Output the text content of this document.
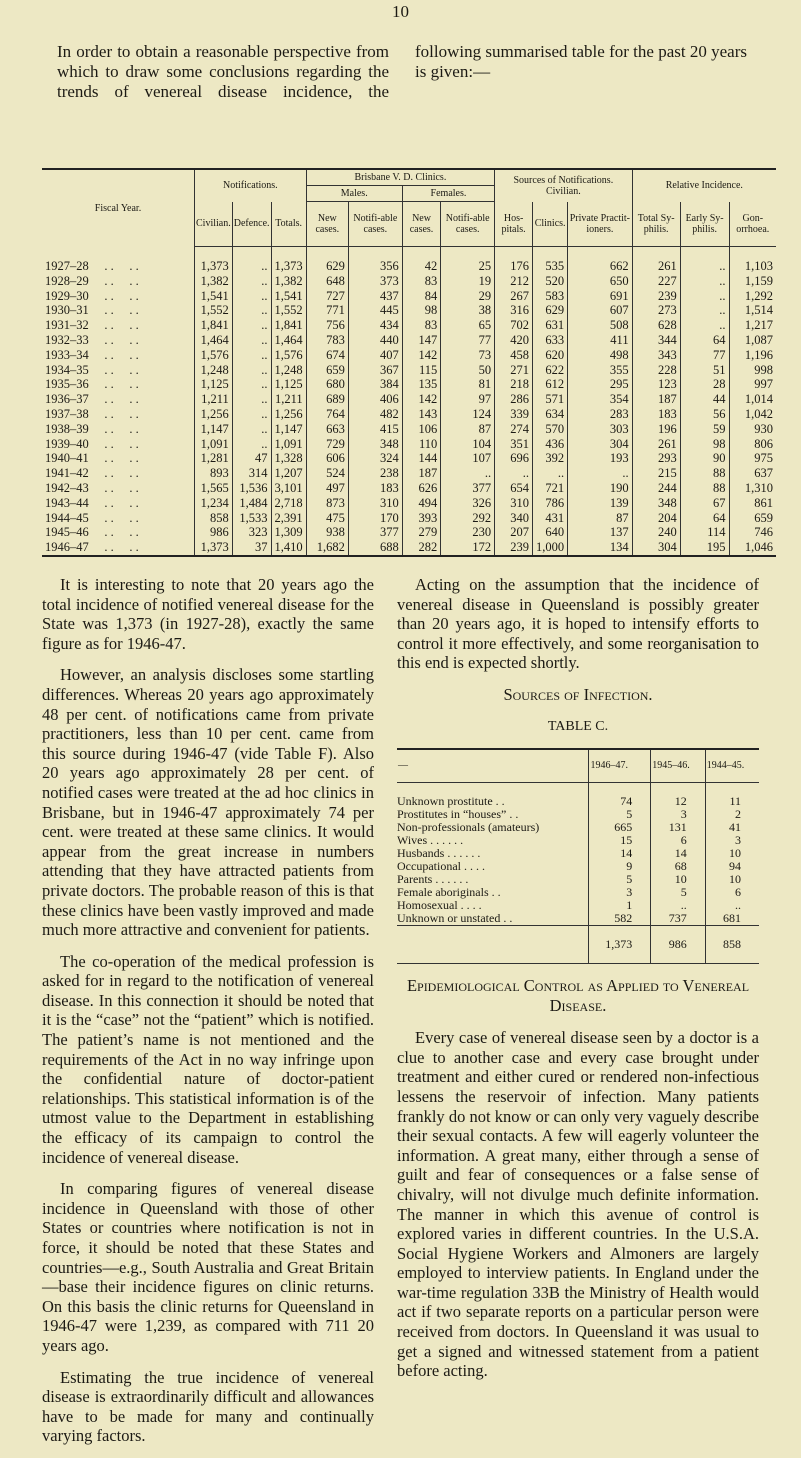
10
In order to obtain a reasonable perspective from which to draw some conclusions regarding the trends of venereal disease incidence, the following summarised table for the past 20 years is given:—
Fiscal Year.	Notifications.			Brisbane V. D. Clinics.				Sources of Notifications. Civilian.			Relative Incidence.		
				Males.		Females.							
	Civilian.	Defence.	Totals.	New cases.	Notifi-able cases.	New cases.	Notifi-able cases.	Hos-pitals.	Clinics.	Private Practit-ioners.	Total Sy-philis.	Early Sy-philis.	Gon-orrhoea.
1927–28  . .  . .	1,373	..	1,373	629	356	42	25	176	535	662	261	..	1,103
1928–29  . .  . .	1,382	..	1,382	648	373	83	19	212	520	650	227	..	1,159
1929–30  . .  . .	1,541	..	1,541	727	437	84	29	267	583	691	239	..	1,292
1930–31  . .  . .	1,552	..	1,552	771	445	98	38	316	629	607	273	..	1,514
1931–32  . .  . .	1,841	..	1,841	756	434	83	65	702	631	508	628	..	1,217
1932–33  . .  . .	1,464	..	1,464	783	440	147	77	420	633	411	344	64	1,087
1933–34  . .  . .	1,576	..	1,576	674	407	142	73	458	620	498	343	77	1,196
1934–35  . .  . .	1,248	..	1,248	659	367	115	50	271	622	355	228	51	998
1935–36  . .  . .	1,125	..	1,125	680	384	135	81	218	612	295	123	28	997
1936–37  . .  . .	1,211	..	1,211	689	406	142	97	286	571	354	187	44	1,014
1937–38  . .  . .	1,256	..	1,256	764	482	143	124	339	634	283	183	56	1,042
1938–39  . .  . .	1,147	..	1,147	663	415	106	87	274	570	303	196	59	930
1939–40  . .  . .	1,091	..	1,091	729	348	110	104	351	436	304	261	98	806
1940–41  . .  . .	1,281	47	1,328	606	324	144	107	696	392	193	293	90	975
1941–42  . .  . .	893	314	1,207	524	238	187	..	..	..	..	215	88	637
1942–43  . .  . .	1,565	1,536	3,101	497	183	626	377	654	721	190	244	88	1,310
1943–44  . .  . .	1,234	1,484	2,718	873	310	494	326	310	786	139	348	67	861
1944–45  . .  . .	858	1,533	2,391	475	170	393	292	340	431	87	204	64	659
1945–46  . .  . .	986	323	1,309	938	377	279	230	207	640	137	240	114	746
1946–47  . .  . .	1,373	37	1,410	1,682	688	282	172	239	1,000	134	304	195	1,046

It is interesting to note that 20 years ago the total incidence of notified venereal disease for the State was 1,373 (in 1927-28), exactly the same figure as for 1946-47.

However, an analysis discloses some startling differences. Whereas 20 years ago approximately 48 per cent. of notifications came from private practitioners, less than 10 per cent. came from this source during 1946-47 (vide Table F). Also 20 years ago approximately 28 per cent. of notified cases were treated at the ad hoc clinics in Brisbane, but in 1946-47 approximately 74 per cent. were treated at these same clinics. It would appear from the great increase in numbers attending that they have attracted patients from private doctors. The probable reason of this is that these clinics have been vastly improved and made much more attractive and convenient for patients.

The co-operation of the medical profession is asked for in regard to the notification of venereal disease. In this connection it should be noted that it is the “case” not the “patient” which is notified. The patient’s name is not mentioned and the requirements of the Act in no way infringe upon the confidential nature of doctor-patient relationships. This statistical information is of the utmost value to the Department in establishing the efficacy of its campaign to control the incidence of venereal disease.

In comparing figures of venereal disease incidence in Queensland with those of other States or countries where notification is not in force, it should be noted that these States and countries—e.g., South Australia and Great Britain—base their incidence figures on clinic returns. On this basis the clinic returns for Queensland in 1946-47 were 1,239, as compared with 711 20 years ago.

Estimating the true incidence of venereal disease is extraordinarily difficult and allowances have to be made for many and continually varying factors.

Acting on the assumption that the incidence of venereal disease in Queensland is possibly greater than 20 years ago, it is hoped to intensify efforts to control it more effectively, and some reorganisation to this end is expected shortly.

Sources of Infection.

TABLE C.

—	1946–47.	1945–46.	1944–45.
Unknown prostitute . .	74	12	11
Prostitutes in “houses” . .	5	3	2
Non-professionals (amateurs)	665	131	41
Wives . . . . . .	15	6	3
Husbands . . . . . .	14	14	10
Occupational . . . .	9	68	94
Parents . . . . . .	5	10	10
Female aboriginals . .	3	5	6
Homosexual . . . .	1	..	..
Unknown or unstated . .	582	737	681
	1,373	986	858

Epidemiological Control as Applied to Venereal Disease.

Every case of venereal disease seen by a doctor is a clue to another case and every case brought under treatment and either cured or rendered non-infectious lessens the reservoir of infection. Many patients frankly do not know or can only very vaguely describe their sexual contacts. A few will eagerly volunteer the information. A great many, either through a sense of guilt and fear of consequences or a false sense of chivalry, will not divulge much definite information. The manner in which this avenue of control is explored varies in different countries. In the U.S.A. Social Hygiene Workers and Almoners are largely employed to interview patients. In England under the war-time regulation 33B the Ministry of Health would act if two separate reports on a particular person were received from doctors. In Queensland it was usual to get a signed and witnessed statement from a patient before acting.
